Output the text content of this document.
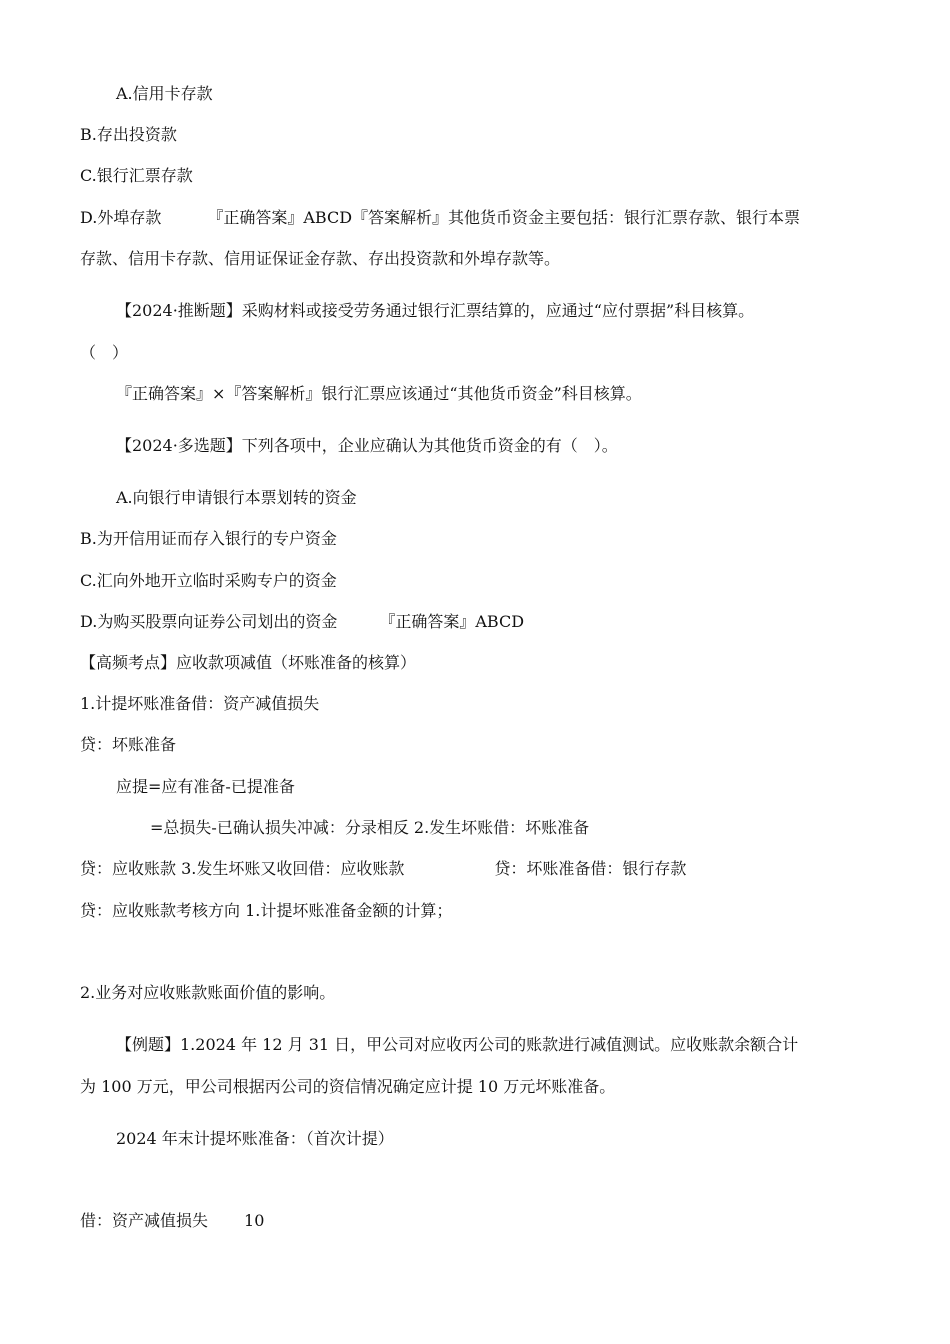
A.信用卡存款
B.存出投资款
C.银行汇票存款
D.外埠存款	『正确答案』ABCD『答案解析』其他货币资金主要包括：银行汇票存款、银行本票
存款、信用卡存款、信用证保证金存款、存出投资款和外埠存款等。
【2024·推断题】采购材料或接受劳务通过银行汇票结算的，应通过“应付票据”科目核算。
（　）
『正确答案』×『答案解析』银行汇票应该通过“其他货币资金”科目核算。
【2024·多选题】下列各项中，企业应确认为其他货币资金的有（　）。
A.向银行申请银行本票划转的资金
B.为开信用证而存入银行的专户资金
C.汇向外地开立临时采购专户的资金
D.为购买股票向证券公司划出的资金	『正确答案』ABCD
【高频考点】应收款项减值（坏账准备的核算）
1.计提坏账准备借：资产减值损失
贷：坏账准备
应提=应有准备-已提准备
=总损失-已确认损失冲减：分录相反 2.发生坏账借：坏账准备
贷：应收账款 3.发生坏账又收回借：应收账款	贷：坏账准备借：银行存款
贷：应收账款考核方向 1.计提坏账准备金额的计算；
2.业务对应收账款账面价值的影响。
【例题】1.2024 年 12 月 31 日，甲公司对应收丙公司的账款进行减值测试。应收账款余额合计
为 100 万元，甲公司根据丙公司的资信情况确定应计提 10 万元坏账准备。
2024 年末计提坏账准备：（首次计提）
借：资产减值损失 10
